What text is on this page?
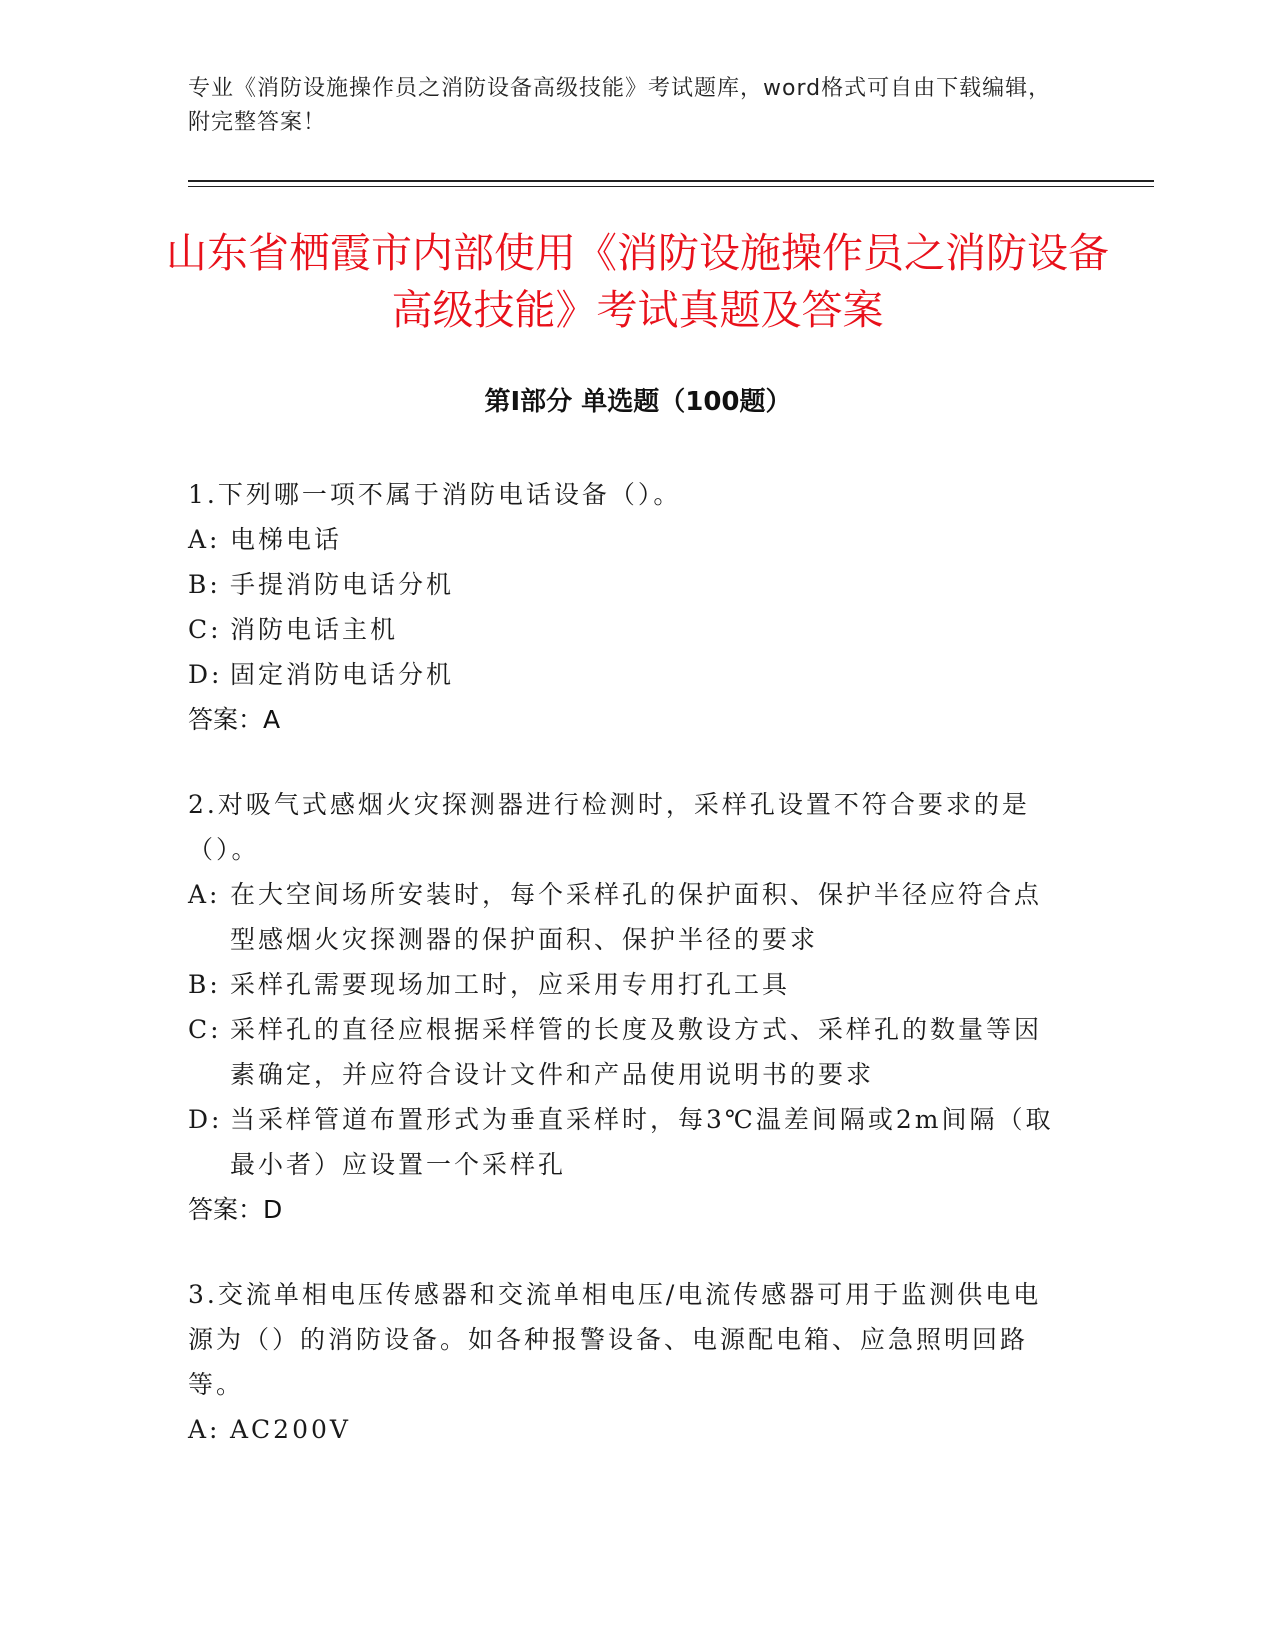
专业《消防设施操作员之消防设备高级技能》考试题库，word格式可自由下载编辑，附完整答案！
山东省栖霞市内部使用《消防设施操作员之消防设备高级技能》考试真题及答案
第Ⅰ部分 单选题（100题）
1.下列哪一项不属于消防电话设备（）。
A: 电梯电话
B: 手提消防电话分机
C: 消防电话主机
D: 固定消防电话分机
答案：A
2.对吸气式感烟火灾探测器进行检测时，采样孔设置不符合要求的是（）。
A: 在大空间场所安装时，每个采样孔的保护面积、保护半径应符合点型感烟火灾探测器的保护面积、保护半径的要求
B: 采样孔需要现场加工时，应采用专用打孔工具
C: 采样孔的直径应根据采样管的长度及敷设方式、采样孔的数量等因素确定，并应符合设计文件和产品使用说明书的要求
D: 当采样管道布置形式为垂直采样时，每3℃温差间隔或2m间隔（取最小者）应设置一个采样孔
答案：D
3.交流单相电压传感器和交流单相电压/电流传感器可用于监测供电电源为（）的消防设备。如各种报警设备、电源配电箱、应急照明回路等。
A: AC200V
